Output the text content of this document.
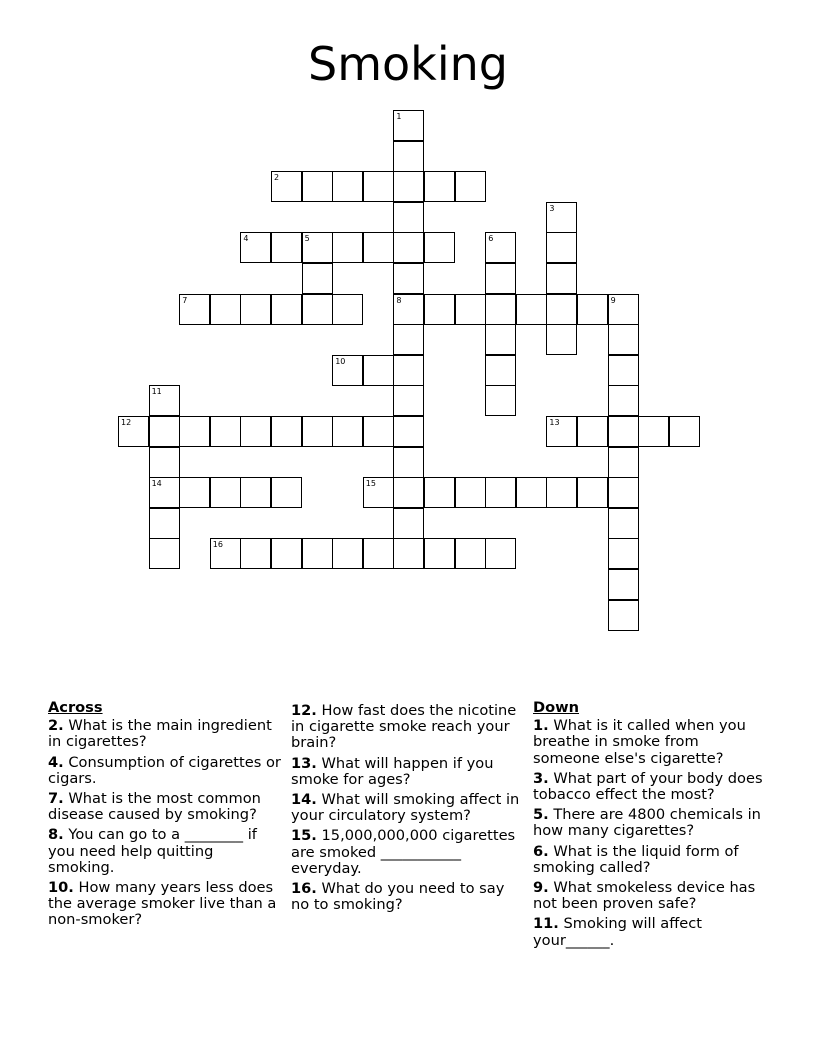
Smoking
1
8
2
3
4	5	6
7	9
10
11
14
12	13
15
16
Across
2. What is the main ingredient in cigarettes?
4. Consumption of cigarettes or cigars.
7. What is the most common disease caused by smoking?
8. You can go to a ________ if you need help quitting smoking.
10. How many years less does the average smoker live than a non-smoker?
12. How fast does the nicotine in cigarette smoke reach your brain?
13. What will happen if you smoke for ages?
14. What will smoking affect in your circulatory system?
15. 15,000,000,000 cigarettes are smoked ___________ everyday.
16. What do you need to say no to smoking?
Down
1. What is it called when you breathe in smoke from someone else's cigarette?
3. What part of your body does tobacco effect the most?
5. There are 4800 chemicals in how many cigarettes?
6. What is the liquid form of smoking called?
9. What smokeless device has not been proven safe?
11. Smoking will affect your______.
